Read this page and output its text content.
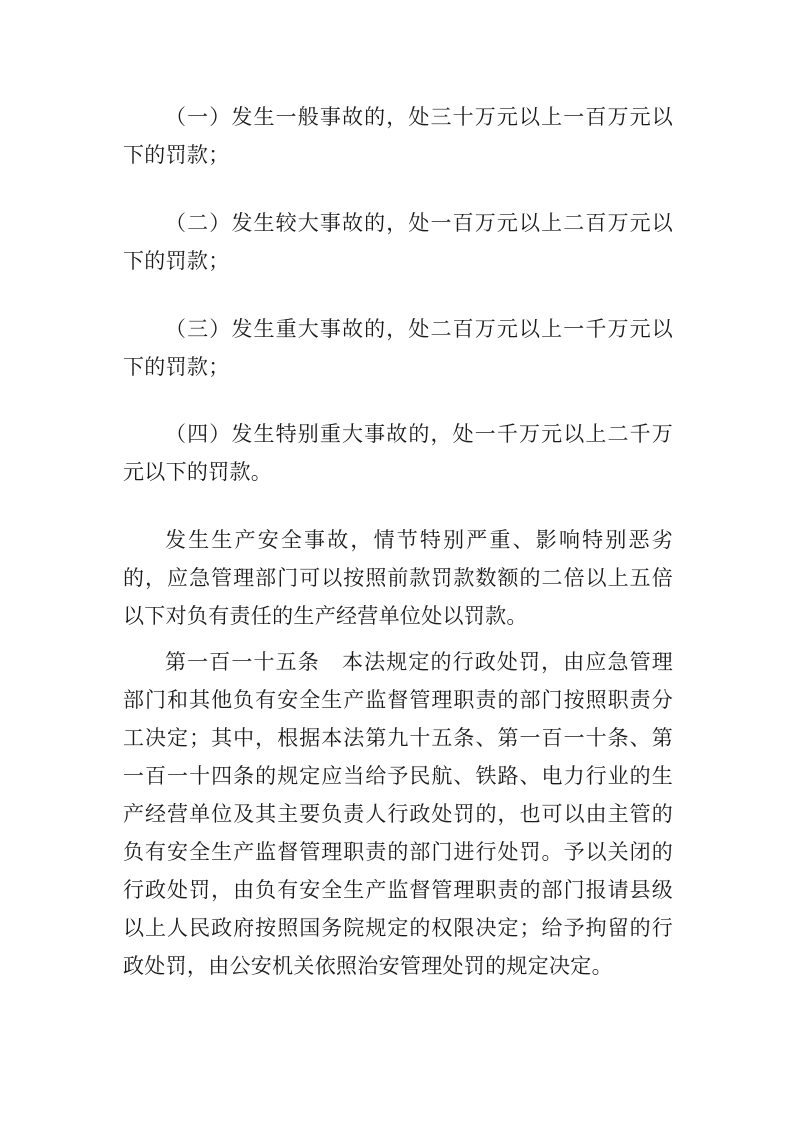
（一）发生一般事故的，处三十万元以上一百万元以下的罚款；

（二）发生较大事故的，处一百万元以上二百万元以下的罚款；

（三）发生重大事故的，处二百万元以上一千万元以下的罚款；

（四）发生特别重大事故的，处一千万元以上二千万元以下的罚款。

发生生产安全事故，情节特别严重、影响特别恶劣的，应急管理部门可以按照前款罚款数额的二倍以上五倍以下对负有责任的生产经营单位处以罚款。

第一百一十五条　本法规定的行政处罚，由应急管理部门和其他负有安全生产监督管理职责的部门按照职责分工决定；其中，根据本法第九十五条、第一百一十条、第一百一十四条的规定应当给予民航、铁路、电力行业的生产经营单位及其主要负责人行政处罚的，也可以由主管的负有安全生产监督管理职责的部门进行处罚。予以关闭的行政处罚，由负有安全生产监督管理职责的部门报请县级以上人民政府按照国务院规定的权限决定；给予拘留的行政处罚，由公安机关依照治安管理处罚的规定决定。
